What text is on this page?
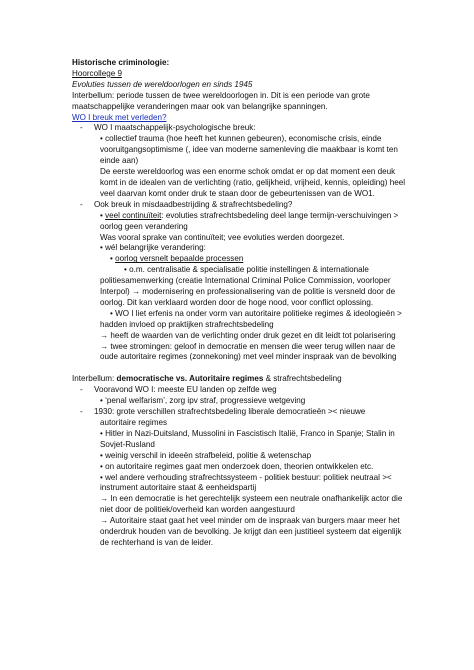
Historische criminologie:
Hoorcollege 9
Evoluties tussen de wereldoorlogen en sinds 1945
Interbellum: periode tussen de twee wereldoorlogen in. Dit is een periode van grote
maatschappelijke veranderingen maar ook van belangrijke spanningen.
WO I breuk met verleden?
-	WO I maatschappelijk-psychologische breuk:
• collectief trauma (hoe heeft het kunnen gebeuren), economische crisis, einde
vooruitgangsoptimisme (, idee van moderne samenleving die maakbaar is komt ten
einde aan)
De eerste wereldoorlog was een enorme schok omdat er op dat moment een deuk
komt in de idealen van de verlichting (ratio, gelijkheid, vrijheid, kennis, opleiding) heel
veel daarvan komt onder druk te staan door de gebeurtenissen van de WO1.
-	Ook breuk in misdaadbestrijding & strafrechtsbedeling?
• veel continuïteit: evoluties strafrechtsbedeling deel lange termijn-verschuivingen >
oorlog geen verandering
Was vooral sprake van continuïteit; vee evoluties werden doorgezet.
• wél belangrijke verandering:
• oorlog versnelt bepaalde processen
• o.m. centralisatie & specialisatie politie instellingen & internationale
politiesamenwerking (creatie International Criminal Police Commission, voorloper
Interpol) → modernisering en professionalisering van de politie is versneld door de
oorlog. Dit kan verklaard worden door de hoge nood, voor conflict oplossing.
• WO I liet erfenis na onder vorm van autoritaire politieke regimes & ideologieën >
hadden invloed op praktijken strafrechtsbedeling
→ heeft de waarden van de verlichting onder druk gezet en dit leidt tot polarisering
→ twee stromingen: geloof in democratie en mensen die weer terug willen naar de
oude autoritaire regimes (zonnekoning) met veel minder inspraak van de bevolking
Interbellum: democratische vs. Autoritaire regimes & strafrechtsbedeling
-	Vooravond WO I: meeste EU landen op zelfde weg
• ‘penal welfarism’, zorg ipv straf, progressieve wetgeving
-	1930: grote verschillen strafrechtsbedeling liberale democratieën >< nieuwe
autoritaire regimes
• Hitler in Nazi-Duitsland, Mussolini in Fascistisch Italië, Franco in Spanje; Stalin in
Sovjet-Rusland
• weinig verschil in ideeën strafbeleid, politie & wetenschap
• on autoritaire regimes gaat men onderzoek doen, theorien ontwikkelen etc.
• wel andere verhouding strafrechtssysteem - politiek bestuur: politiek neutraal ><
instrument autoritaire staat & eenheidspartij
→ In een democratie is het gerechtelijk systeem een neutrale onafhankelijk actor die
niet door de politiek/overheid kan worden aangestuurd
→ Autoritaire staat gaat het veel minder om de inspraak van burgers maar meer het
onderdruk houden van de bevolking. Je krijgt dan een justitieel systeem dat eigenlijk
de rechterhand is van de leider.
